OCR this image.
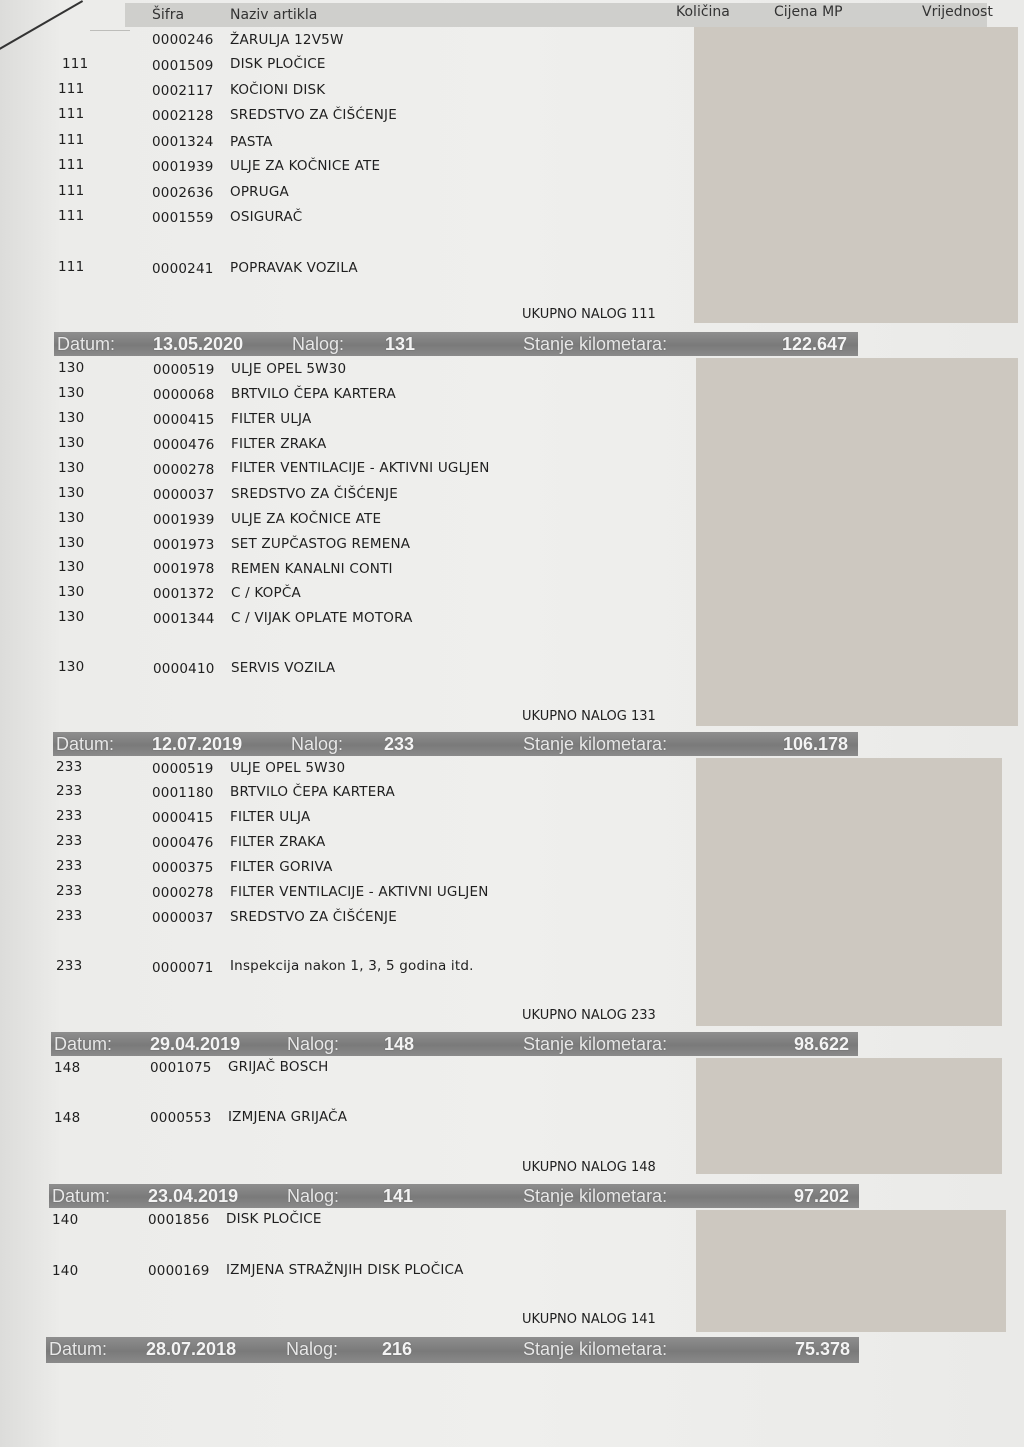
Šifra	Naziv artikla	Količina	Cijena MP	Vrijednost
0000246 ŽARULJA 12V5W
111	0001509 DISK PLOČICE
111	0002117 KOČIONI DISK
111	0002128 SREDSTVO ZA ČIŠĆENJE
111	0001324 PASTA
111	0001939 ULJE ZA KOČNICE ATE
111	0002636 OPRUGA
111	0001559 OSIGURAČ
111	0000241 POPRAVAK VOZILA
UKUPNO NALOG 111
Datum: 13.05.2020	Nalog: 131	Stanje kilometara:	122.647
130	0000519 ULJE OPEL 5W30
130	0000068 BRTVILO ČEPA KARTERA
130	0000415 FILTER ULJA
130	0000476 FILTER ZRAKA
130	0000278 FILTER VENTILACIJE - AKTIVNI UGLJEN
130	0000037 SREDSTVO ZA ČIŠĆENJE
130	0001939 ULJE ZA KOČNICE ATE
130	0001973 SET ZUPČASTOG REMENA
130	0001978 REMEN KANALNI CONTI
130	0001372 C / KOPČA
130	0001344 C / VIJAK OPLATE MOTORA
130	0000410 SERVIS VOZILA
UKUPNO NALOG 131
Datum: 12.07.2019	Nalog: 233	Stanje kilometara:	106.178
233	0000519 ULJE OPEL 5W30
233	0001180 BRTVILO ČEPA KARTERA
233	0000415 FILTER ULJA
233	0000476 FILTER ZRAKA
233	0000375 FILTER GORIVA
233	0000278 FILTER VENTILACIJE - AKTIVNI UGLJEN
233	0000037 SREDSTVO ZA ČIŠĆENJE
233	0000071 Inspekcija nakon 1, 3, 5 godina itd.
UKUPNO NALOG 233
Datum: 29.04.2019	Nalog: 148	Stanje kilometara:	98.622
148	0001075 GRIJAČ BOSCH
148	0000553 IZMJENA GRIJAČA
UKUPNO NALOG 148
Datum: 23.04.2019	Nalog: 141	Stanje kilometara:	97.202
140	0001856 DISK PLOČICE
140	0000169 IZMJENA STRAŽNJIH DISK PLOČICA
UKUPNO NALOG 141
Datum: 28.07.2018	Nalog: 216	Stanje kilometara:	75.378
